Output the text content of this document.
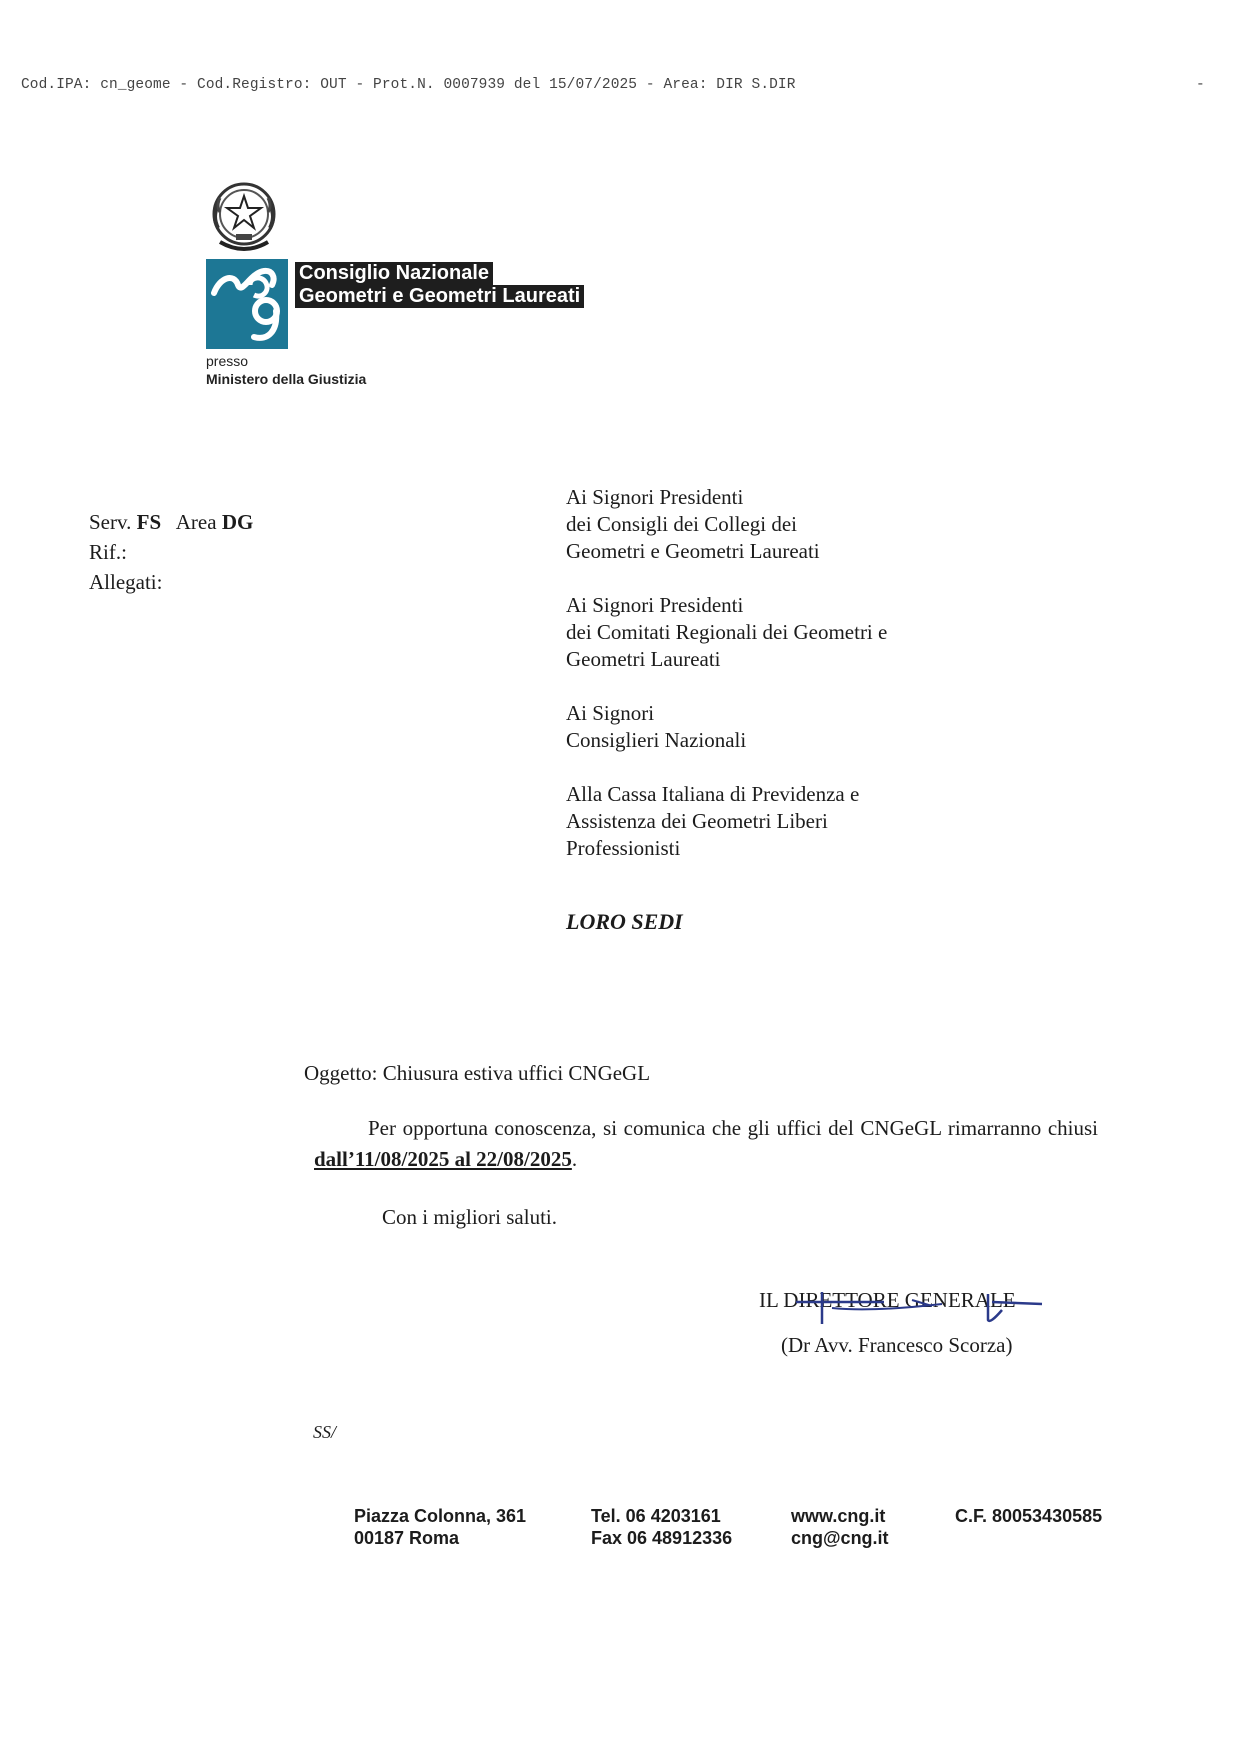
Cod.IPA: cn_geome - Cod.Registro: OUT - Prot.N. 0007939 del 15/07/2025 - Area: DIR S.DIR	-
Consiglio Nazionale
Geometri e Geometri Laureati
presso
Ministero della Giustizia
Serv. FS Area DG
Rif.:
Allegati:
Ai Signori Presidenti
dei Consigli dei Collegi dei
Geometri e Geometri Laureati
Ai Signori Presidenti
dei Comitati Regionali dei Geometri e
Geometri Laureati
Ai Signori
Consiglieri Nazionali
Alla Cassa Italiana di Previdenza e
Assistenza dei Geometri Liberi
Professionisti
LORO SEDI
Oggetto: Chiusura estiva uffici CNGeGL

Per opportuna conoscenza, si comunica che gli uffici del CNGeGL rimarranno chiusi dall’11/08/2025 al 22/08/2025.

Con i migliori saluti.
IL DIRETTORE GENERALE
(Dr Avv. Francesco Scorza)
SS/
Piazza Colonna, 361
00187 Roma
Tel. 06 4203161
Fax 06 48912336
www.cng.it
cng@cng.it
C.F. 80053430585
